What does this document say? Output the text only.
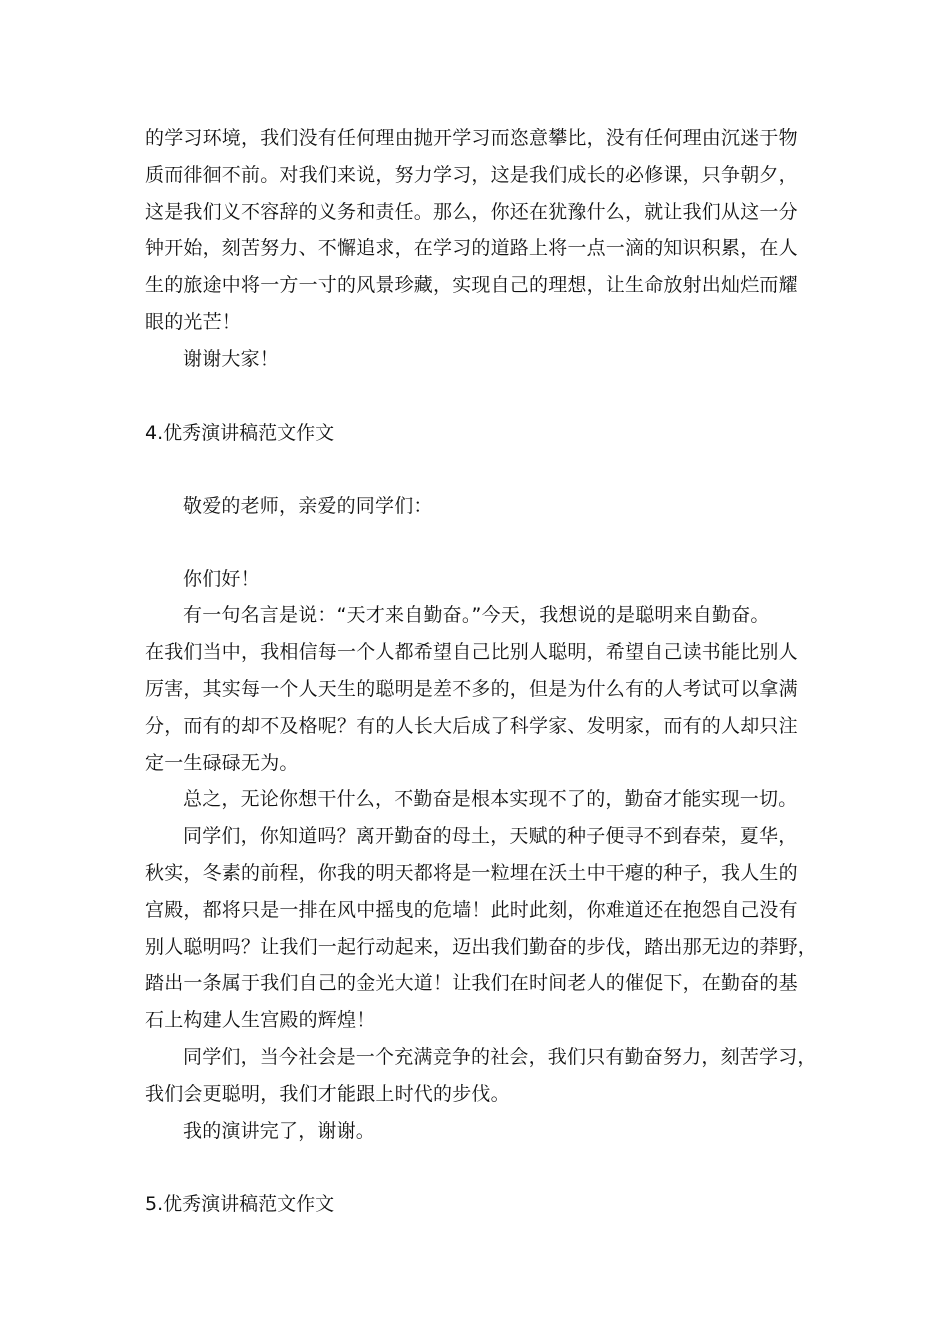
的学习环境，我们没有任何理由抛开学习而恣意攀比，没有任何理由沉迷于物
质而徘徊不前。对我们来说，努力学习，这是我们成长的必修课，只争朝夕，
这是我们义不容辞的义务和责任。那么，你还在犹豫什么，就让我们从这一分
钟开始，刻苦努力、不懈追求，在学习的道路上将一点一滴的知识积累，在人
生的旅途中将一方一寸的风景珍藏，实现自己的理想，让生命放射出灿烂而耀
眼的光芒！
谢谢大家！
4.优秀演讲稿范文作文
敬爱的老师，亲爱的同学们：
你们好！
有一句名言是说：“天才来自勤奋。”今天，我想说的是聪明来自勤奋。
在我们当中，我相信每一个人都希望自己比别人聪明，希望自己读书能比别人
厉害，其实每一个人天生的聪明是差不多的，但是为什么有的人考试可以拿满
分，而有的却不及格呢？有的人长大后成了科学家、发明家，而有的人却只注
定一生碌碌无为。
总之，无论你想干什么，不勤奋是根本实现不了的，勤奋才能实现一切。
同学们，你知道吗？离开勤奋的母土，天赋的种子便寻不到春荣，夏华，
秋实，冬素的前程，你我的明天都将是一粒埋在沃土中干瘪的种子，我人生的
宫殿，都将只是一排在风中摇曳的危墙！此时此刻，你难道还在抱怨自己没有
别人聪明吗？让我们一起行动起来，迈出我们勤奋的步伐，踏出那无边的莽野，
踏出一条属于我们自己的金光大道！让我们在时间老人的催促下，在勤奋的基
石上构建人生宫殿的辉煌！
同学们，当今社会是一个充满竞争的社会，我们只有勤奋努力，刻苦学习，
我们会更聪明，我们才能跟上时代的步伐。
我的演讲完了，谢谢。
5.优秀演讲稿范文作文
